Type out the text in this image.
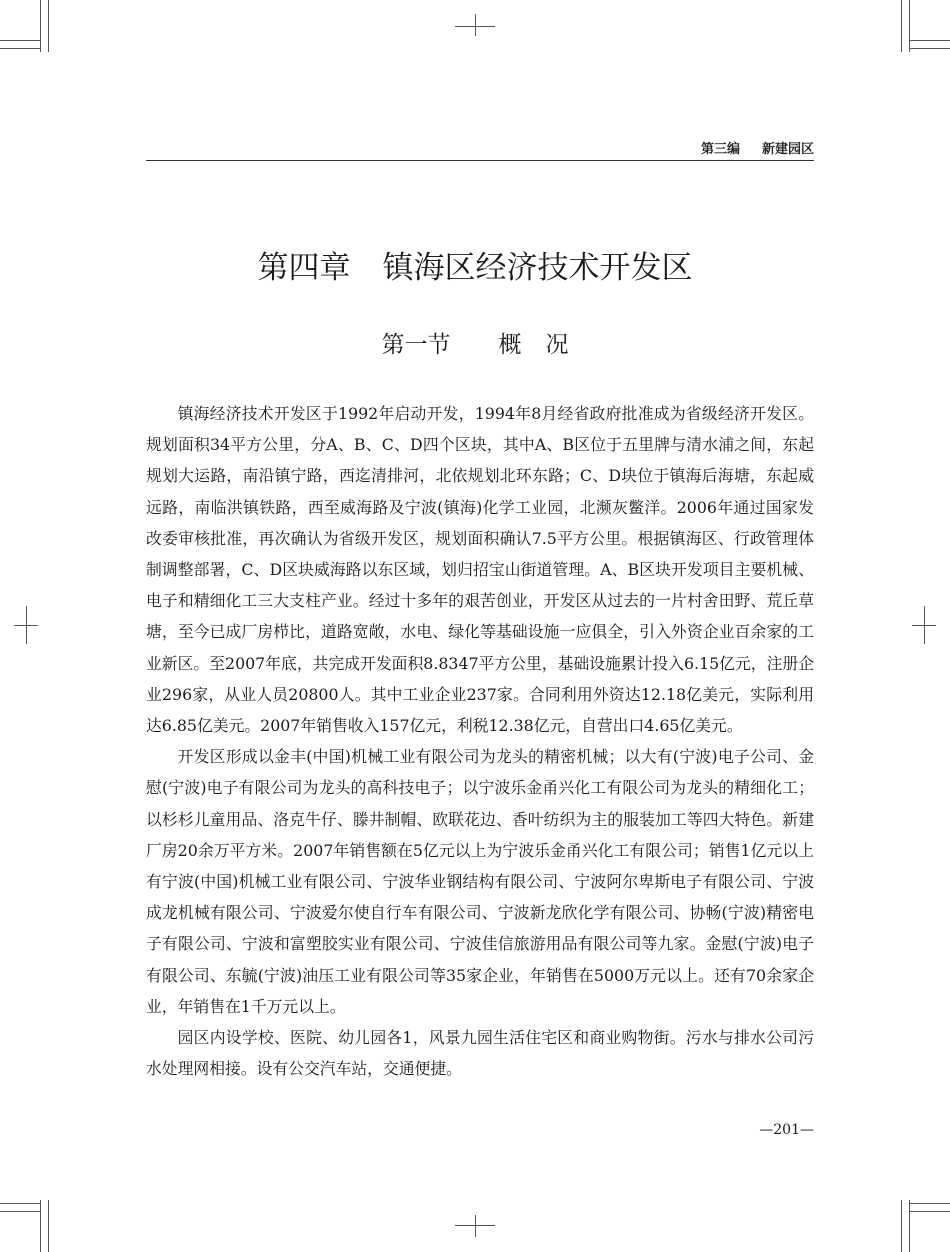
第三编 新建园区
第四章 镇海区经济技术开发区
第一节 概况

镇海经济技术开发区于1992年启动开发，1994年8月经省政府批准成为省级经济开发区。规划面积34平方公里，分A、B、C、D四个区块，其中A、B区位于五里牌与清水浦之间，东起规划大运路，南沿镇宁路，西迄清排河，北依规划北环东路；C、D块位于镇海后海塘，东起威远路，南临洪镇铁路，西至威海路及宁波(镇海)化学工业园，北濒灰鳖洋。2006年通过国家发改委审核批准，再次确认为省级开发区，规划面积确认7.5平方公里。根据镇海区、行政管理体制调整部署，C、D区块威海路以东区域，划归招宝山街道管理。A、B区块开发项目主要机械、电子和精细化工三大支柱产业。经过十多年的艰苦创业，开发区从过去的一片村舍田野、荒丘草塘，至今已成厂房栉比，道路宽敞，水电、绿化等基础设施一应俱全，引入外资企业百余家的工业新区。至2007年底，共完成开发面积8.8347平方公里，基础设施累计投入6.15亿元，注册企业296家，从业人员20800人。其中工业企业237家。合同利用外资达12.18亿美元，实际利用达6.85亿美元。2007年销售收入157亿元，利税12.38亿元，自营出口4.65亿美元。

开发区形成以金丰(中国)机械工业有限公司为龙头的精密机械；以大有(宁波)电子公司、金慰(宁波)电子有限公司为龙头的高科技电子；以宁波乐金甬兴化工有限公司为龙头的精细化工；以杉杉儿童用品、洛克牛仔、滕井制帽、欧联花边、香叶纺织为主的服装加工等四大特色。新建厂房20余万平方米。2007年销售额在5亿元以上为宁波乐金甬兴化工有限公司；销售1亿元以上有宁波(中国)机械工业有限公司、宁波华业钢结构有限公司、宁波阿尔卑斯电子有限公司、宁波成龙机械有限公司、宁波爱尔使自行车有限公司、宁波新龙欣化学有限公司、协畅(宁波)精密电子有限公司、宁波和富塑胶实业有限公司、宁波佳信旅游用品有限公司等九家。金慰(宁波)电子有限公司、东毓(宁波)油压工业有限公司等35家企业，年销售在5000万元以上。还有70余家企业，年销售在1千万元以上。

园区内设学校、医院、幼儿园各1，风景九园生活住宅区和商业购物街。污水与排水公司污水处理网相接。设有公交汽车站，交通便捷。

—201—
